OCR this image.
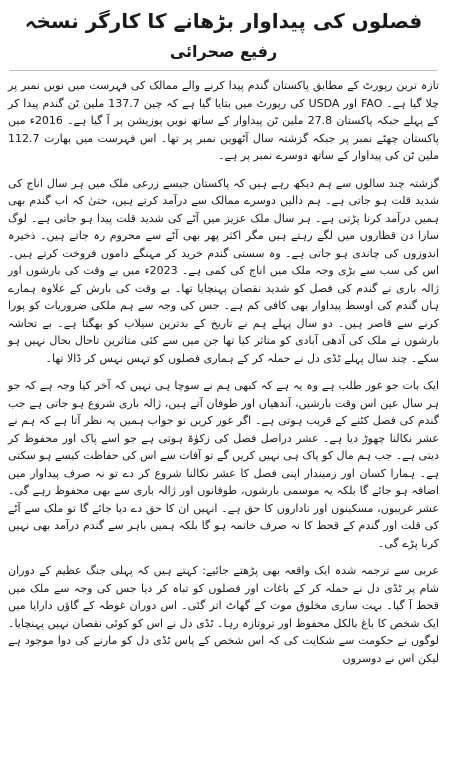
فصلوں کی پیداوار بڑھانے کا کارگر نسخہ
رفیع صحرائی

تازہ ترین رپورٹ کے مطابق پاکستان گندم پیدا کرنے والے ممالک کی فہرست میں نویں نمبر پر چلا گیا ہے۔ FAO اور USDA کی رپورٹ میں بتایا گیا ہے کہ چین 137.7 ملین ٹن گندم پیدا کر کے پہلے جبکہ پاکستان 27.8 ملین ٹن پیداوار کے ساتھ نویں پوزیشن پر آ گیا ہے۔ 2016ء میں پاکستان چھٹے نمبر پر جبکہ گزشتہ سال آٹھویں نمبر پر تھا۔ اس فہرست میں بھارت 112.7 ملین ٹن کی پیداوار کے ساتھ دوسرے نمبر پر ہے۔

گزشتہ چند سالوں سے ہم دیکھ رہے ہیں کہ پاکستان جیسے زرعی ملک میں ہر سال اناج کی شدید قلت ہو جاتی ہے۔ ہم دالیں دوسرے ممالک سے درآمد کرتے ہیں، حتیٰ کہ اب گندم بھی ہمیں درآمد کرنا پڑتی ہے۔ ہر سال ملک عزیز میں آٹے کی شدید قلت پیدا ہو جاتی ہے۔ لوگ سارا دن قطاروں میں لگے رہتے ہیں مگر اکثر پھر بھی آٹے سے محروم رہ جاتے ہیں۔ ذخیرہ اندوزوں کی چاندی ہو جاتی ہے۔ وہ سستی گندم خرید کر مہنگے داموں فروخت کرتے ہیں۔ اس کی سب سے بڑی وجہ ملک میں اناج کی کمی ہے۔ 2023ء میں بے وقت کی بارشوں اور ژالہ باری نے گندم کی فصل کو شدید نقصان پہنچایا تھا۔ بے وقت کی بارش کے علاوہ ہمارے ہاں گندم کی اوسط پیداوار بھی کافی کم ہے۔ جس کی وجہ سے ہم ملکی ضروریات کو پورا کرنے سے قاصر ہیں۔ دو سال پہلے ہم نے تاریخ کے بدترین سیلاب کو بھگتا ہے۔ بے تحاشہ بارشوں نے ملک کی آدھی آبادی کو متاثر کیا تھا جن میں سے کئی متاثرین تاحال بحال نہیں ہو سکے۔ چند سال پہلے ٹڈی دل نے حملہ کر کے ہماری فصلوں کو تہس نہس کر ڈالا تھا۔

ایک بات جو غور طلب ہے وہ یہ ہے کہ کبھی ہم نے سوچا ہی نہیں کہ آخر کیا وجہ ہے کہ جو ہر سال عین اس وقت بارشیں، آندھیاں اور طوفان آتے ہیں، ژالہ باری شروع ہو جاتی ہے جب گندم کی فصل کٹنے کے قریب ہوتی ہے۔ اگر غور کریں تو جواب ہمیں یہ نظر آتا ہے کہ ہم نے عشر نکالنا چھوڑ دیا ہے۔ عشر دراصل فصل کی زکوٰۃ ہوتی ہے جو اسے پاک اور محفوظ کر دیتی ہے۔ جب ہم مال کو پاک ہی نہیں کریں گے تو آفات سے اس کی حفاظت کیسے ہو سکتی ہے۔ ہمارا کسان اور زمیندار اپنی فصل کا عشر نکالنا شروع کر دے تو نہ صرف پیداوار میں اضافہ ہو جائے گا بلکہ یہ موسمی بارشوں، طوفانوں اور ژالہ باری سے بھی محفوظ رہے گی۔ عشر غریبوں، مسکینوں اور ناداروں کا حق ہے۔ انہیں ان کا حق دے دیا جائے گا تو ملک سے آٹے کی قلت اور گندم کے قحط کا نہ صرف خاتمہ ہو گا بلکہ ہمیں باہر سے گندم درآمد بھی نہیں کرنا پڑے گی۔

عربی سے ترجمہ شدہ ایک واقعہ بھی پڑھتے جائیے: کہتے ہیں کہ پہلی جنگ عظیم کے دوران شام پر ٹڈی دل نے حملہ کر کے باغات اور فصلوں کو تباہ کر دیا جس کی وجہ سے ملک میں قحط آ گیا۔ بہت ساری مخلوق موت کے گھاٹ اتر گئی۔ اس دوران غوطہ کے گاؤں دارایا میں ایک شخص کا باغ بالکل محفوظ اور تروتازہ رہا۔ ٹڈی دل نے اس کو کوئی نقصان نہیں پہنچایا۔ لوگوں نے حکومت سے شکایت کی کہ اس شخص کے پاس ٹڈی دل کو مارنے کی دوا موجود ہے لیکن اس نے دوسروں
